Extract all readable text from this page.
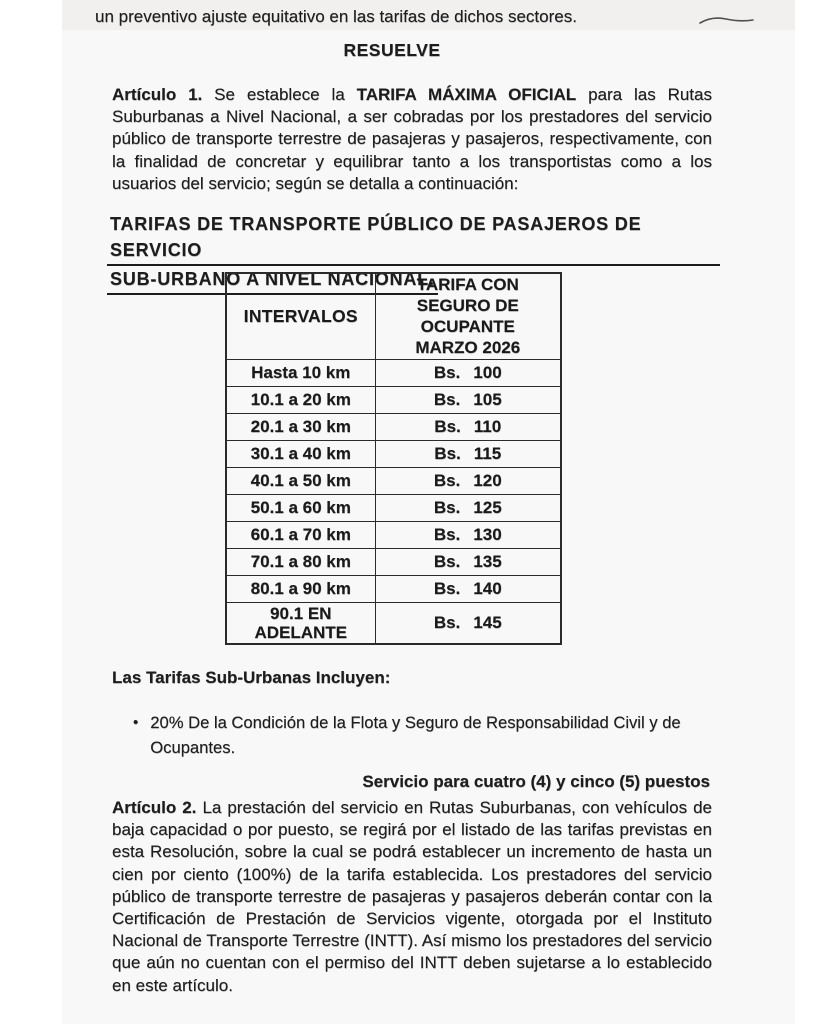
un preventivo ajuste equitativo en las tarifas de dichos sectores.

RESUELVE

Artículo 1. Se establece la TARIFA MÁXIMA OFICIAL para las Rutas Suburbanas a Nivel Nacional, a ser cobradas por los prestadores del servicio público de transporte terrestre de pasajeras y pasajeros, respectivamente, con la finalidad de concretar y equilibrar tanto a los transportistas como a los usuarios del servicio; según se detalla a continuación:

TARIFAS DE TRANSPORTE PÚBLICO DE PASAJEROS DE SERVICIO
SUB-URBANO A NIVEL NACIONAL.
INTERVALOS	TARIFA CON SEGURO DE OCUPANTE MARZO 2026
Hasta 10 km	Bs. 100

10.1 a 20 km	Bs. 105

20.1 a 30 km	Bs. 110

30.1 a 40 km	Bs. 115

40.1 a 50 km	Bs. 120

50.1 a 60 km	Bs. 125

60.1 a 70 km	Bs. 130

70.1 a 80 km	Bs. 135

80.1 a 90 km	Bs. 140

90.1 EN ADELANTE	Bs. 145
Las Tarifas Sub-Urbanas Incluyen:
• 20% De la Condición de la Flota y Seguro de Responsabilidad Civil y de Ocupantes.
Servicio para cuatro (4) y cinco (5) puestos

Artículo 2. La prestación del servicio en Rutas Suburbanas, con vehículos de baja capacidad o por puesto, se regirá por el listado de las tarifas previstas en esta Resolución, sobre la cual se podrá establecer un incremento de hasta un cien por ciento (100%) de la tarifa establecida. Los prestadores del servicio público de transporte terrestre de pasajeras y pasajeros deberán contar con la Certificación de Prestación de Servicios vigente, otorgada por el Instituto Nacional de Transporte Terrestre (INTT). Así mismo los prestadores del servicio que aún no cuentan con el permiso del INTT deben sujetarse a lo establecido en este artículo.
